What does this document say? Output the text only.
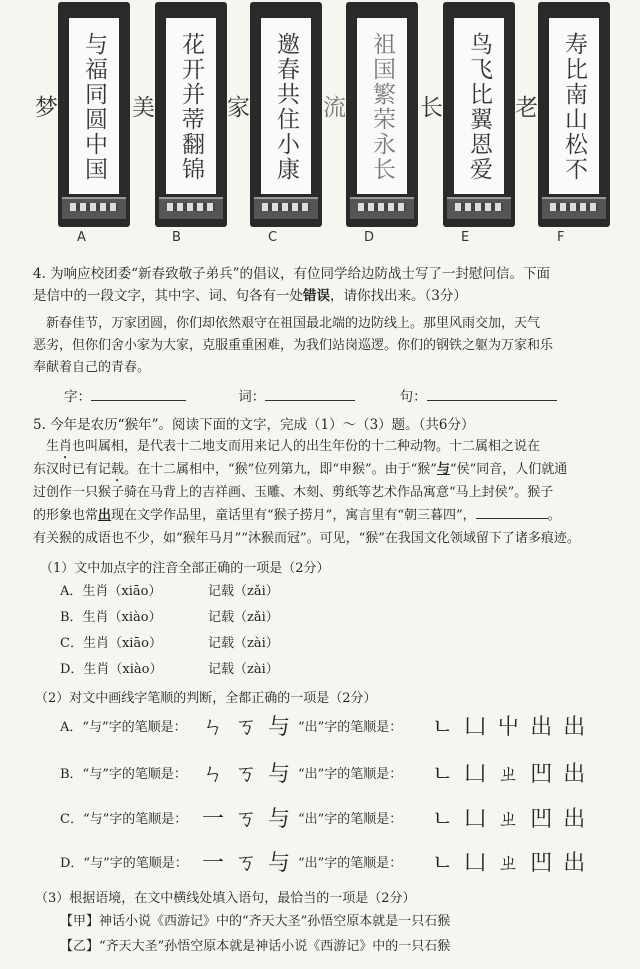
与福同圆中国梦	花开并蒂翻锦美	邀春共住小康家	祖国繁荣永长流	鸟飞比翼恩爱长	寿比南山松不老
A	B	C	D	E	F
4. 为响应校团委“新春致敬子弟兵”的倡议，有位同学给边防战士写了一封慰问信。下面
是信中的一段文字，其中字、词、句各有一处错误，请你找出来。（3分）
新春佳节，万家团圆，你们却依然艰守在祖国最北端的边防线上。那里风雨交加，天气
恶劣，但你们舍小家为大家，克服重重困难，为我们站岗巡逻。你们的钢铁之躯为万家和乐
奉献着自己的青春。
字：	词：	句：
5. 今年是农历“猴年”。阅读下面的文字，完成（1）～（3）题。（共6分）
生肖也叫属相，是代表十二地支而用来记人的出生年份的十二种动物。十二属相之说在
东汉时已有记载。在十二属相中，“猴”位列第九，即“申猴”。由于“猴”与“侯”同音，人们就通
过创作一只猴子骑在马背上的吉祥画、玉雕、木刻、剪纸等艺术作品寓意“马上封侯”。猴子
的形象也常出现在文学作品里，童话里有“猴子捞月”，寓言里有“朝三暮四”，	。
有关猴的成语也不少，如“猴年马月”“沐猴而冠”。可见，“猴”在我国文化领域留下了诸多痕迹。
（1）文中加点字的注音全部正确的一项是（2分）
A．生肖（xiāo）	记载（zǎi）
B．生肖（xiào）	记载（zǎi）
C．生肖（xiāo）	记载（zài）
D．生肖（xiào）	记载（zài）
（2）对文中画线字笔顺的判断，全都正确的一项是（2分）
A．“与”字的笔顺是： ㄣ ㄎ 与 “出”字的笔顺是： ㄴ 凵 屮 出 出
B．“与”字的笔顺是： ㄣ ㄎ 与 “出”字的笔顺是： ㄴ 凵 ㄓ 凹 出
C．“与”字的笔顺是： 一 ㄎ 与 “出”字的笔顺是： ㄴ 凵 ㄓ 凹 出
D．“与”字的笔顺是： 一 ㄎ 与 “出”字的笔顺是： ㄴ 凵 ㄓ 凹 出
（3）根据语境，在文中横线处填入语句，最恰当的一项是（2分）
【甲】神话小说《西游记》中的“齐天大圣”孙悟空原本就是一只石猴
【乙】“齐天大圣”孙悟空原本就是神话小说《西游记》中的一只石猴
